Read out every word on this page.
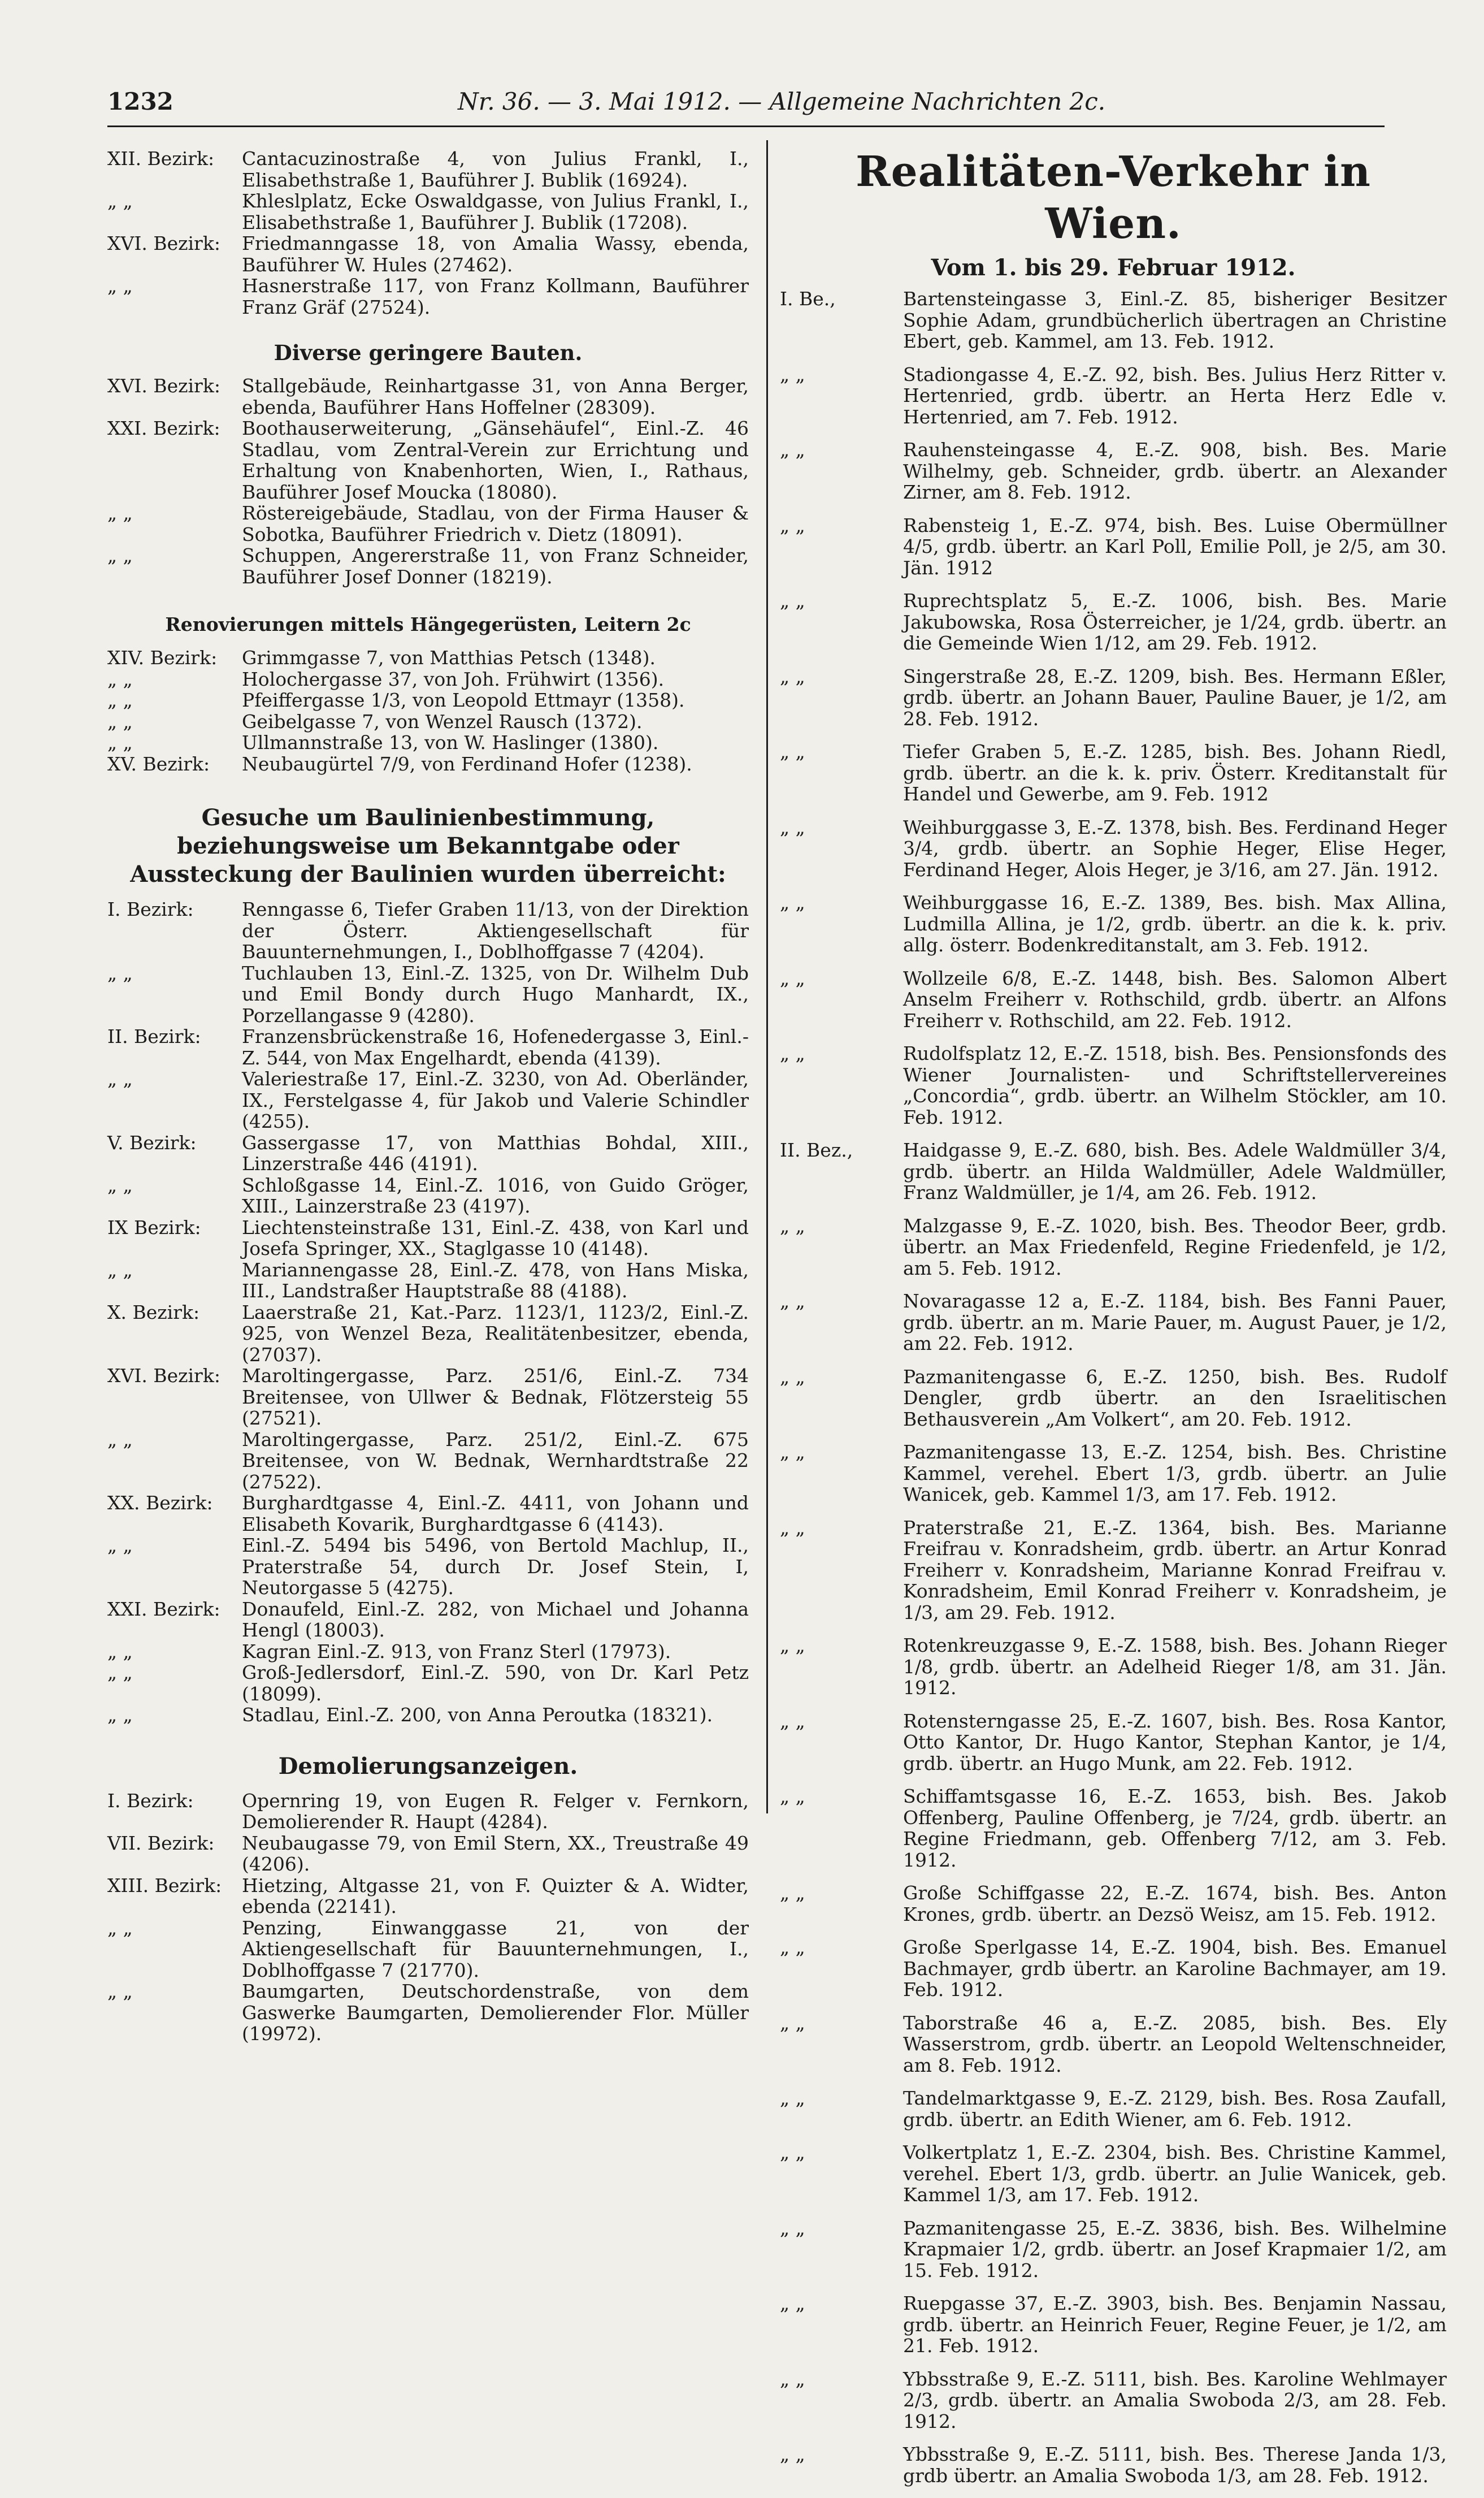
1232	Nr. 36. — 3. Mai 1912. — Allgemeine Nachrichten 2c.
XII. Bezirk:	Cantacuzinostraße 4, von Julius Frankl, I., Elisabethstraße 1, Bauführer J. Bublik (16924).
„ „	Khleslplatz, Ecke Oswaldgasse, von Julius Frankl, I., Elisabethstraße 1, Bauführer J. Bublik (17208).
XVI. Bezirk:	Friedmanngasse 18, von Amalia Wassy, ebenda, Bauführer W. Hules (27462).
„ „	Hasnerstraße 117, von Franz Kollmann, Bauführer Franz Gräf (27524).
Diverse geringere Bauten.
XVI. Bezirk:	Stallgebäude, Reinhartgasse 31, von Anna Berger, ebenda, Bauführer Hans Hoffelner (28309).
XXI. Bezirk:	Boothauserweiterung, „Gänsehäufel“, Einl.-Z. 46 Stadlau, vom Zentral-Verein zur Errichtung und Erhaltung von Knabenhorten, Wien, I., Rathaus, Bauführer Josef Moucka (18080).
„ „	Röstereigebäude, Stadlau, von der Firma Hauser & Sobotka, Bauführer Friedrich v. Dietz (18091).
„ „	Schuppen, Angererstraße 11, von Franz Schneider, Bauführer Josef Donner (18219).
Renovierungen mittels Hängegerüsten, Leitern 2c
XIV. Bezirk:	Grimmgasse 7, von Matthias Petsch (1348).
„ „	Holochergasse 37, von Joh. Frühwirt (1356).
„ „	Pfeiffergasse 1/3, von Leopold Ettmayr (1358).
„ „	Geibelgasse 7, von Wenzel Rausch (1372).
„ „	Ullmannstraße 13, von W. Haslinger (1380).
XV. Bezirk:	Neubaugürtel 7/9, von Ferdinand Hofer (1238).
Gesuche um Baulinienbestimmung, beziehungsweise um Bekanntgabe oder Aussteckung der Baulinien wurden überreicht:
I. Bezirk:	Renngasse 6, Tiefer Graben 11/13, von der Direktion der Österr. Aktiengesellschaft für Bauunternehmungen, I., Doblhoffgasse 7 (4204).
„ „	Tuchlauben 13, Einl.-Z. 1325, von Dr. Wilhelm Dub und Emil Bondy durch Hugo Manhardt, IX., Porzellangasse 9 (4280).
II. Bezirk:	Franzensbrückenstraße 16, Hofenedergasse 3, Einl.-Z. 544, von Max Engelhardt, ebenda (4139).
„ „	Valeriestraße 17, Einl.-Z. 3230, von Ad. Oberländer, IX., Ferstelgasse 4, für Jakob und Valerie Schindler (4255).
V. Bezirk:	Gassergasse 17, von Matthias Bohdal, XIII., Linzerstraße 446 (4191).
„ „	Schloßgasse 14, Einl.-Z. 1016, von Guido Gröger, XIII., Lainzerstraße 23 (4197).
IX Bezirk:	Liechtensteinstraße 131, Einl.-Z. 438, von Karl und Josefa Springer, XX., Staglgasse 10 (4148).
„ „	Mariannengasse 28, Einl.-Z. 478, von Hans Miska, III., Landstraßer Hauptstraße 88 (4188).
X. Bezirk:	Laaerstraße 21, Kat.-Parz. 1123/1, 1123/2, Einl.-Z. 925, von Wenzel Beza, Realitätenbesitzer, ebenda, (27037).
XVI. Bezirk:	Maroltingergasse, Parz. 251/6, Einl.-Z. 734 Breitensee, von Ullwer & Bednak, Flötzersteig 55 (27521).
„ „	Maroltingergasse, Parz. 251/2, Einl.-Z. 675 Breitensee, von W. Bednak, Wernhardtstraße 22 (27522).
XX. Bezirk:	Burghardtgasse 4, Einl.-Z. 4411, von Johann und Elisabeth Kovarik, Burghardtgasse 6 (4143).
„ „	Einl.-Z. 5494 bis 5496, von Bertold Machlup, II., Praterstraße 54, durch Dr. Josef Stein, I, Neutorgasse 5 (4275).
XXI. Bezirk:	Donaufeld, Einl.-Z. 282, von Michael und Johanna Hengl (18003).
„ „	Kagran Einl.-Z. 913, von Franz Sterl (17973).
„ „	Groß-Jedlersdorf, Einl.-Z. 590, von Dr. Karl Petz (18099).
„ „	Stadlau, Einl.-Z. 200, von Anna Peroutka (18321).
Demolierungsanzeigen.
I. Bezirk:	Opernring 19, von Eugen R. Felger v. Fernkorn, Demolierender R. Haupt (4284).
VII. Bezirk:	Neubaugasse 79, von Emil Stern, XX., Treustraße 49 (4206).
XIII. Bezirk:	Hietzing, Altgasse 21, von F. Quizter & A. Widter, ebenda (22141).
„ „	Penzing, Einwanggasse 21, von der Aktiengesellschaft für Bauunternehmungen, I., Doblhoffgasse 7 (21770).
„ „	Baumgarten, Deutschordenstraße, von dem Gaswerke Baumgarten, Demolierender Flor. Müller (19972).
Realitäten-Verkehr in Wien.
Vom 1. bis 29. Februar 1912.
I. Be.,	Bartensteingasse 3, Einl.-Z. 85, bisheriger Besitzer Sophie Adam, grundbücherlich übertragen an Christine Ebert, geb. Kammel, am 13. Feb. 1912.
„ „	Stadiongasse 4, E.-Z. 92, bish. Bes. Julius Herz Ritter v. Hertenried, grdb. übertr. an Herta Herz Edle v. Hertenried, am 7. Feb. 1912.
„ „	Rauhensteingasse 4, E.-Z. 908, bish. Bes. Marie Wilhelmy, geb. Schneider, grdb. übertr. an Alexander Zirner, am 8. Feb. 1912.
„ „	Rabensteig 1, E.-Z. 974, bish. Bes. Luise Obermüllner 4/5, grdb. übertr. an Karl Poll, Emilie Poll, je 2/5, am 30. Jän. 1912
„ „	Ruprechtsplatz 5, E.-Z. 1006, bish. Bes. Marie Jakubowska, Rosa Österreicher, je 1/24, grdb. übertr. an die Gemeinde Wien 1/12, am 29. Feb. 1912.
„ „	Singerstraße 28, E.-Z. 1209, bish. Bes. Hermann Eßler, grdb. übertr. an Johann Bauer, Pauline Bauer, je 1/2, am 28. Feb. 1912.
„ „	Tiefer Graben 5, E.-Z. 1285, bish. Bes. Johann Riedl, grdb. übertr. an die k. k. priv. Österr. Kreditanstalt für Handel und Gewerbe, am 9. Feb. 1912
„ „	Weihburggasse 3, E.-Z. 1378, bish. Bes. Ferdinand Heger 3/4, grdb. übertr. an Sophie Heger, Elise Heger, Ferdinand Heger, Alois Heger, je 3/16, am 27. Jän. 1912.
„ „	Weihburggasse 16, E.-Z. 1389, Bes. bish. Max Allina, Ludmilla Allina, je 1/2, grdb. übertr. an die k. k. priv. allg. österr. Bodenkreditanstalt, am 3. Feb. 1912.
„ „	Wollzeile 6/8, E.-Z. 1448, bish. Bes. Salomon Albert Anselm Freiherr v. Rothschild, grdb. übertr. an Alfons Freiherr v. Rothschild, am 22. Feb. 1912.
„ „	Rudolfsplatz 12, E.-Z. 1518, bish. Bes. Pensionsfonds des Wiener Journalisten- und Schriftstellervereines „Concordia“, grdb. übertr. an Wilhelm Stöckler, am 10. Feb. 1912.
II. Bez.,	Haidgasse 9, E.-Z. 680, bish. Bes. Adele Waldmüller 3/4, grdb. übertr. an Hilda Waldmüller, Adele Waldmüller, Franz Waldmüller, je 1/4, am 26. Feb. 1912.
„ „	Malzgasse 9, E.-Z. 1020, bish. Bes. Theodor Beer, grdb. übertr. an Max Friedenfeld, Regine Friedenfeld, je 1/2, am 5. Feb. 1912.
„ „	Novaragasse 12 a, E.-Z. 1184, bish. Bes Fanni Pauer, grdb. übertr. an m. Marie Pauer, m. August Pauer, je 1/2, am 22. Feb. 1912.
„ „	Pazmanitengasse 6, E.-Z. 1250, bish. Bes. Rudolf Dengler, grdb übertr. an den Israelitischen Bethausverein „Am Volkert“, am 20. Feb. 1912.
„ „	Pazmanitengasse 13, E.-Z. 1254, bish. Bes. Christine Kammel, verehel. Ebert 1/3, grdb. übertr. an Julie Wanicek, geb. Kammel 1/3, am 17. Feb. 1912.
„ „	Praterstraße 21, E.-Z. 1364, bish. Bes. Marianne Freifrau v. Konradsheim, grdb. übertr. an Artur Konrad Freiherr v. Konradsheim, Marianne Konrad Freifrau v. Konradsheim, Emil Konrad Freiherr v. Konradsheim, je 1/3, am 29. Feb. 1912.
„ „	Rotenkreuzgasse 9, E.-Z. 1588, bish. Bes. Johann Rieger 1/8, grdb. übertr. an Adelheid Rieger 1/8, am 31. Jän. 1912.
„ „	Rotensterngasse 25, E.-Z. 1607, bish. Bes. Rosa Kantor, Otto Kantor, Dr. Hugo Kantor, Stephan Kantor, je 1/4, grdb. übertr. an Hugo Munk, am 22. Feb. 1912.
„ „	Schiffamtsgasse 16, E.-Z. 1653, bish. Bes. Jakob Offenberg, Pauline Offenberg, je 7/24, grdb. übertr. an Regine Friedmann, geb. Offenberg 7/12, am 3. Feb. 1912.
„ „	Große Schiffgasse 22, E.-Z. 1674, bish. Bes. Anton Krones, grdb. übertr. an Dezsö Weisz, am 15. Feb. 1912.
„ „	Große Sperlgasse 14, E.-Z. 1904, bish. Bes. Emanuel Bachmayer, grdb übertr. an Karoline Bachmayer, am 19. Feb. 1912.
„ „	Taborstraße 46 a, E.-Z. 2085, bish. Bes. Ely Wasserstrom, grdb. übertr. an Leopold Weltenschneider, am 8. Feb. 1912.
„ „	Tandelmarktgasse 9, E.-Z. 2129, bish. Bes. Rosa Zaufall, grdb. übertr. an Edith Wiener, am 6. Feb. 1912.
„ „	Volkertplatz 1, E.-Z. 2304, bish. Bes. Christine Kammel, verehel. Ebert 1/3, grdb. übertr. an Julie Wanicek, geb. Kammel 1/3, am 17. Feb. 1912.
„ „	Pazmanitengasse 25, E.-Z. 3836, bish. Bes. Wilhelmine Krapmaier 1/2, grdb. übertr. an Josef Krapmaier 1/2, am 15. Feb. 1912.
„ „	Ruepgasse 37, E.-Z. 3903, bish. Bes. Benjamin Nassau, grdb. übertr. an Heinrich Feuer, Regine Feuer, je 1/2, am 21. Feb. 1912.
„ „	Ybbsstraße 9, E.-Z. 5111, bish. Bes. Karoline Wehlmayer 2/3, grdb. übertr. an Amalia Swoboda 2/3, am 28. Feb. 1912.
„ „	Ybbsstraße 9, E.-Z. 5111, bish. Bes. Therese Janda 1/3, grdb übertr. an Amalia Swoboda 1/3, am 28. Feb. 1912.
